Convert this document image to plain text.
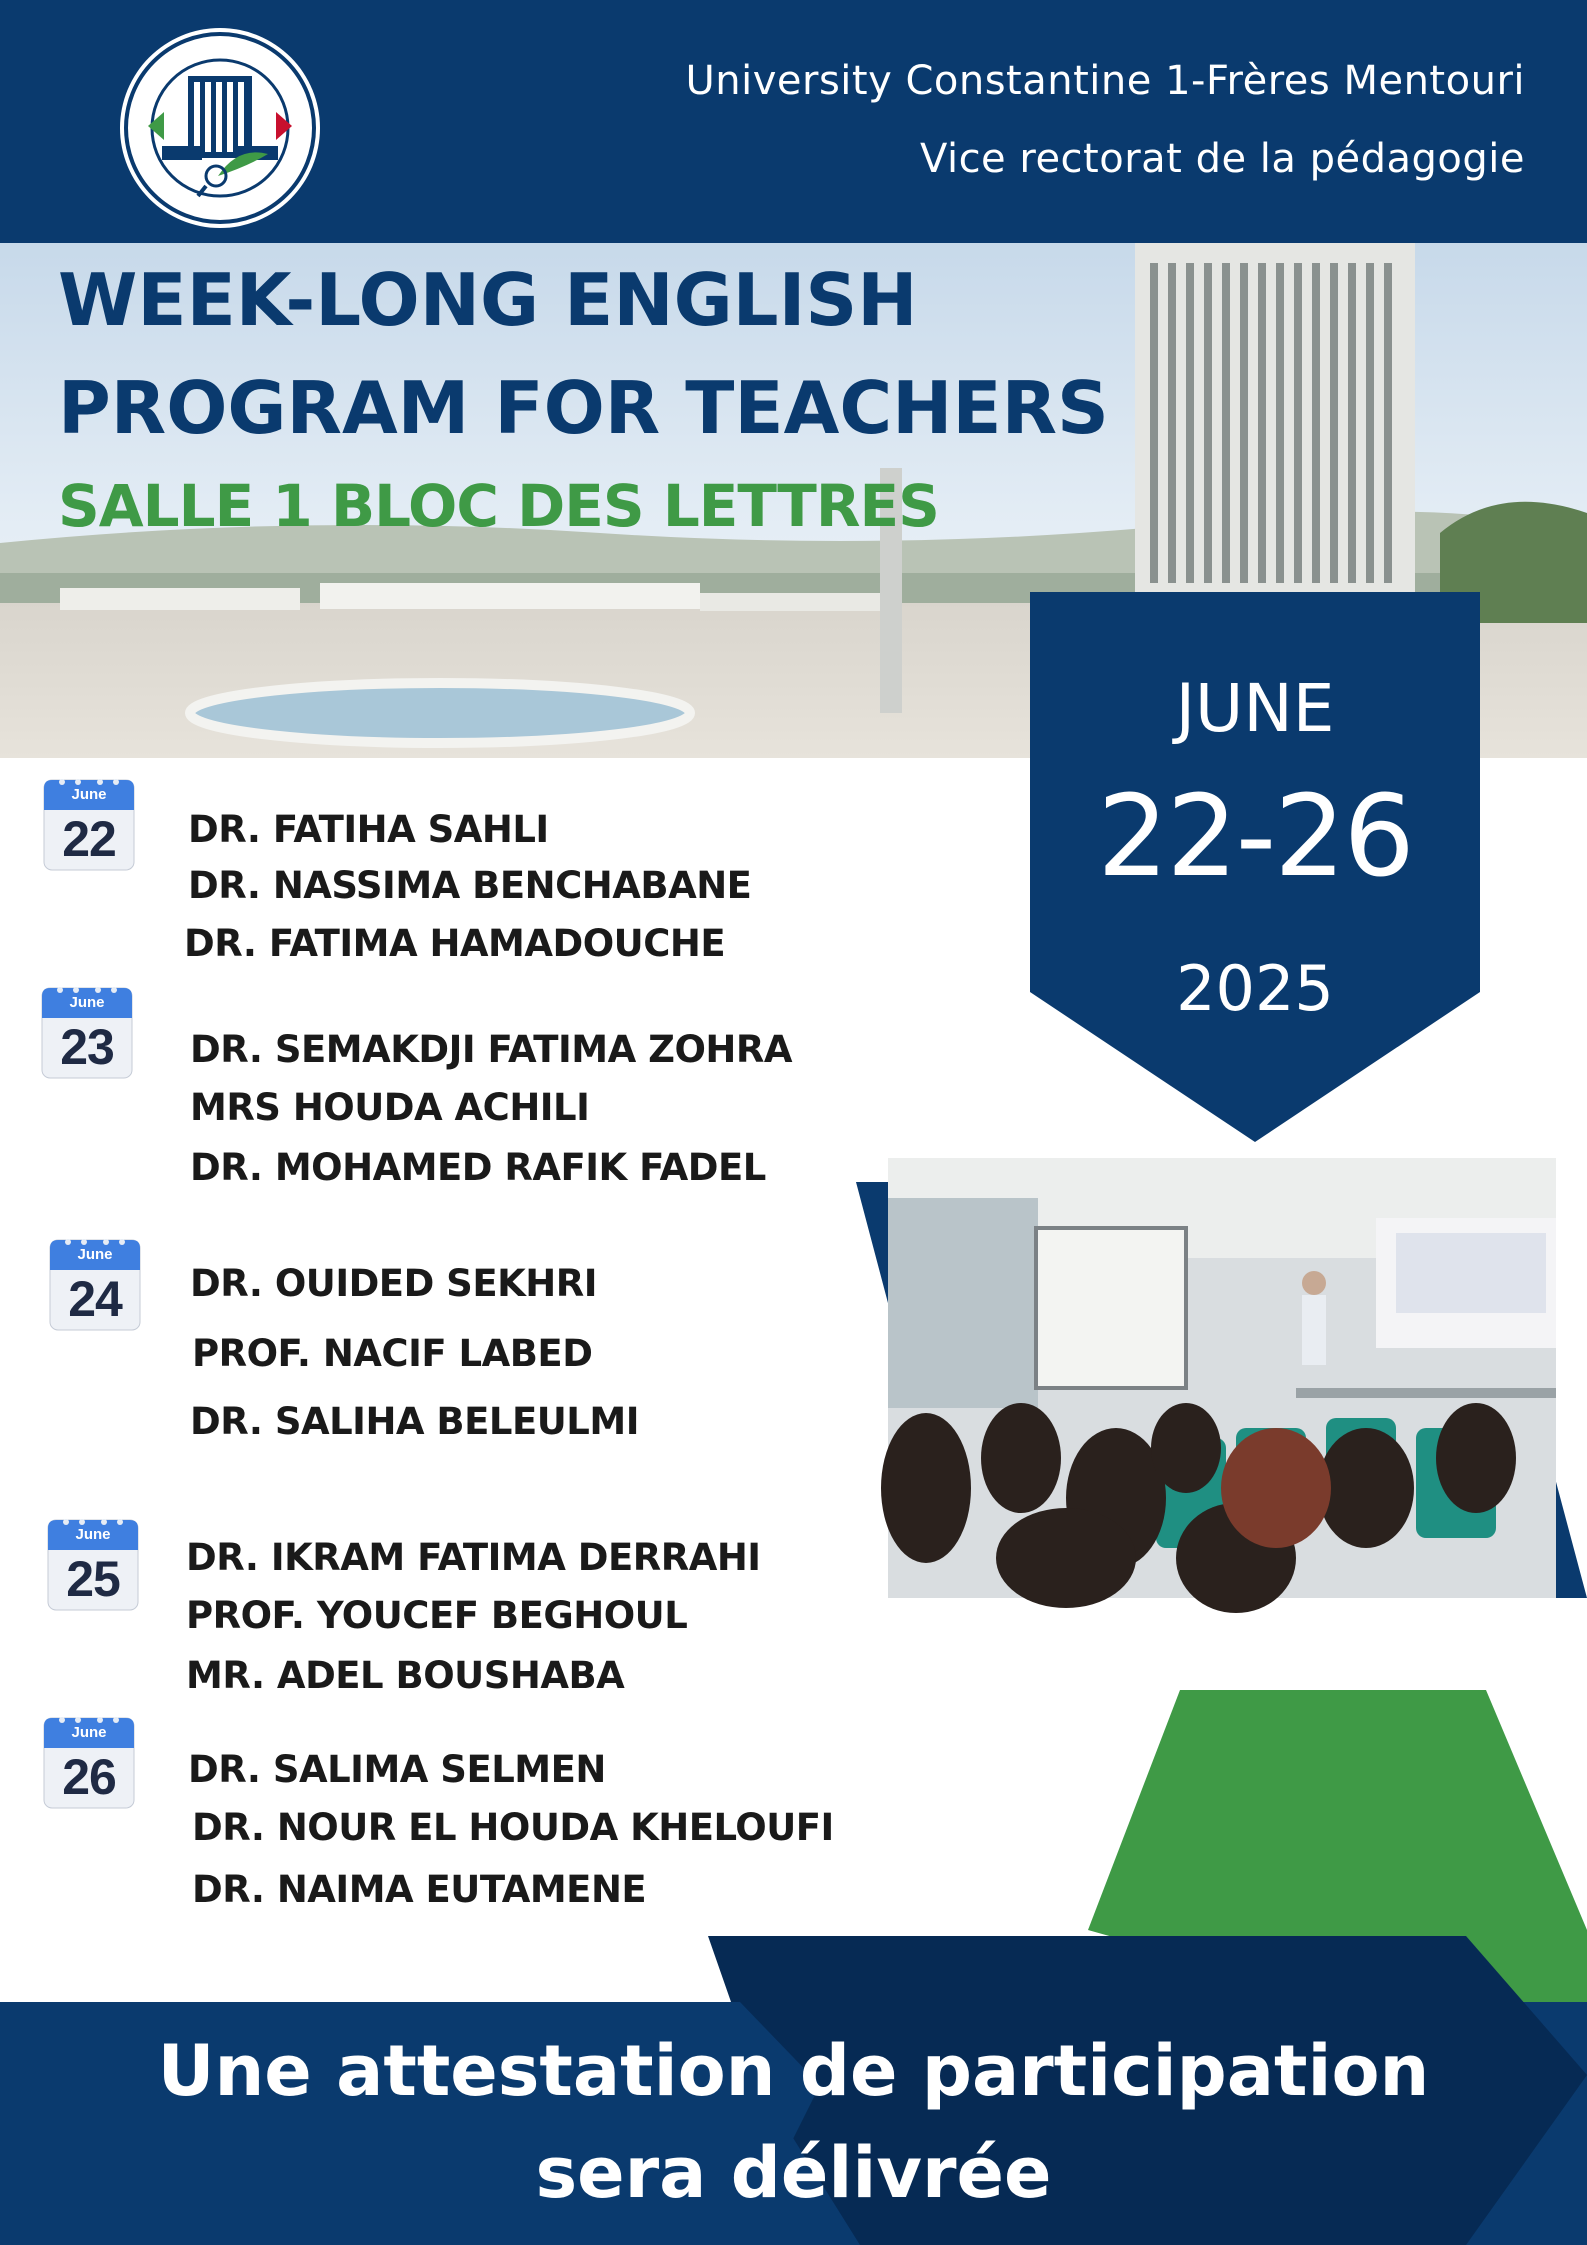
University Constantine 1-Frères Mentouri
Vice rectorat de la pédagogie
WEEK-LONG ENGLISH
PROGRAM FOR TEACHERS
SALLE 1 BLOC DES LETTRES
JUNE
22-26
2025
June
22	DR. FATIHA SAHLI
DR. NASSIMA BENCHABANE
DR. FATIMA HAMADOUCHE
June
23	DR. SEMAKDJI FATIMA ZOHRA
MRS HOUDA ACHILI
DR. MOHAMED RAFIK FADEL
June
24	DR. OUIDED SEKHRI
PROF. NACIF LABED
DR. SALIHA BELEULMI
June
25	DR. IKRAM FATIMA DERRAHI
PROF. YOUCEF BEGHOUL
MR. ADEL BOUSHABA
June
26	DR. SALIMA SELMEN
DR. NOUR EL HOUDA KHELOUFI
DR. NAIMA EUTAMENE
Une attestation de participation
sera délivrée
